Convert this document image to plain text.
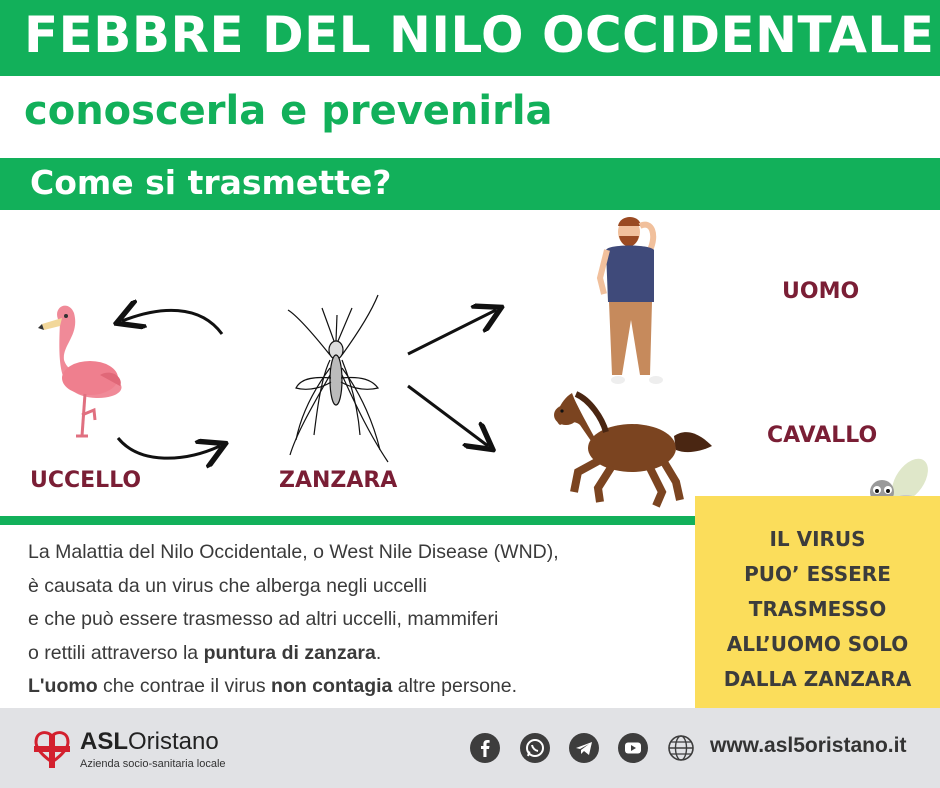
FEBBRE DEL NILO OCCIDENTALE
conoscerla e prevenirla
Come si trasmette?
UCCELLO	ZANZARA
UOMO
CAVALLO

La Malattia del Nilo Occidentale, o West Nile Disease (WND),

è causata da un virus che alberga negli uccelli

e che può essere trasmesso ad altri uccelli, mammiferi

o rettili attraverso la puntura di zanzara.

L'uomo che contrae il virus non contagia altre persone.

IL VIRUS
PUO’ ESSERE
TRASMESSO
ALL’UOMO SOLO
DALLA ZANZARA
ASLOristano
Azienda socio-sanitaria locale
www.asl5oristano.it
